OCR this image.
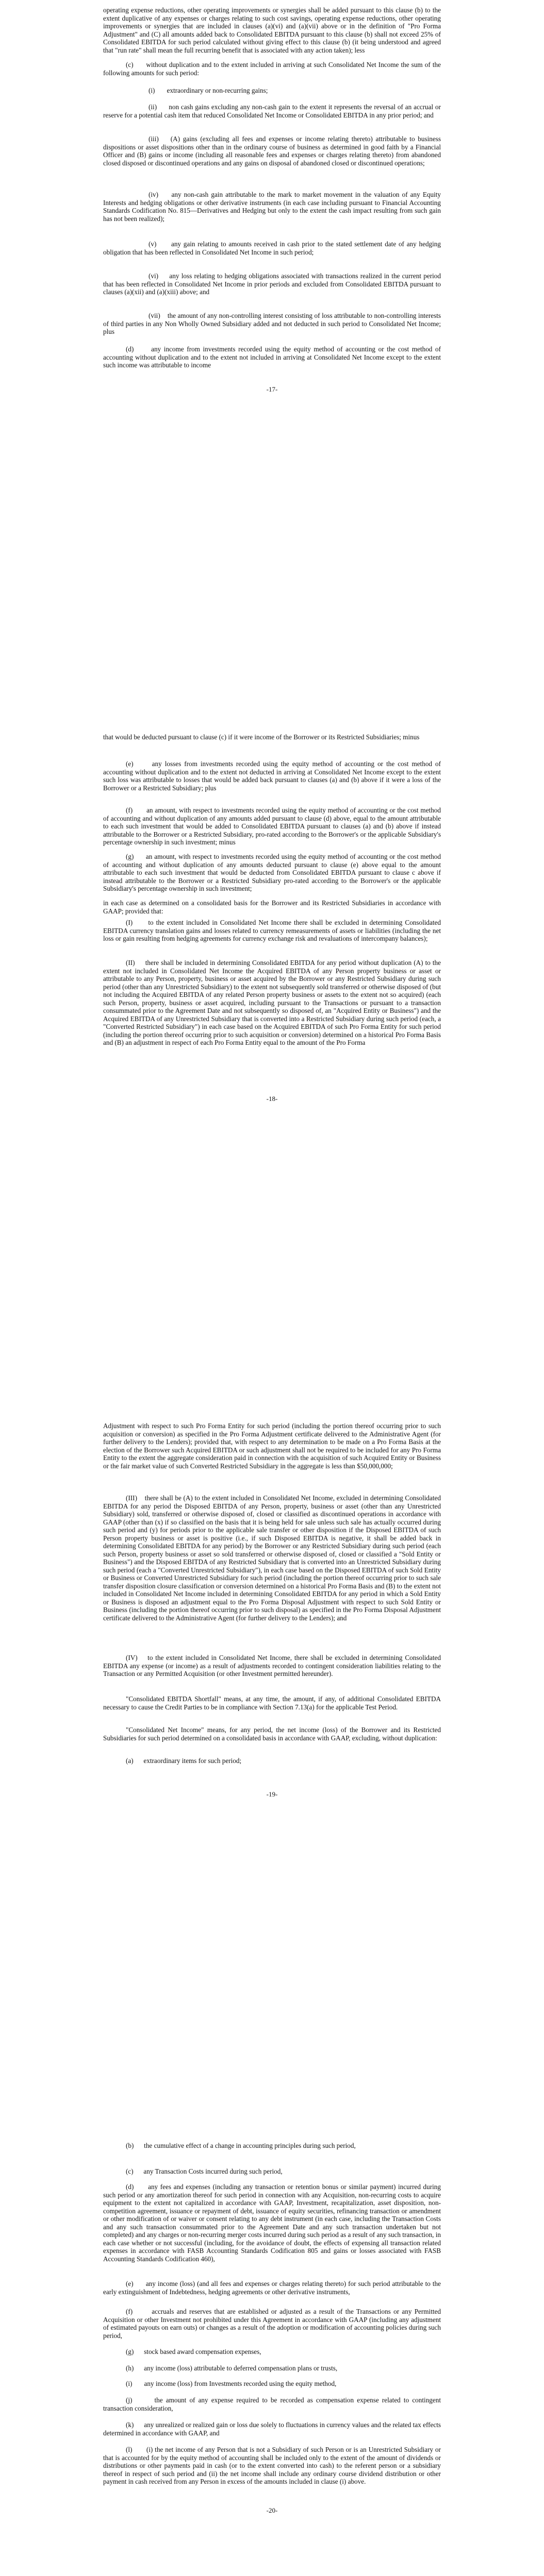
operating expense reductions, other operating improvements or synergies shall be added pursuant to this clause (b) to the extent duplicative of any expenses or charges relating to such cost savings, operating expense reductions, other operating improvements or synergies that are included in clauses (a)(vi) and (a)(vii) above or in the definition of "Pro Forma Adjustment" and (C) all amounts added back to Consolidated EBITDA pursuant to this clause (b) shall not exceed 25% of Consolidated EBITDA for such period calculated without giving effect to this clause (b) (it being understood and agreed that "run rate" shall mean the full recurring benefit that is associated with any action taken); less

(c)      without duplication and to the extent included in arriving at such Consolidated Net Income the sum of the following amounts for such period:

(i)       extraordinary or non-recurring gains;

(ii)      non cash gains excluding any non-cash gain to the extent it represents the reversal of an accrual or reserve for a potential cash item that reduced Consolidated Net Income or Consolidated EBITDA in any prior period; and

(iii)    (A) gains (excluding all fees and expenses or income relating thereto) attributable to business dispositions or asset dispositions other than in the ordinary course of business as determined in good faith by a Financial Officer and (B) gains or income (including all reasonable fees and expenses or charges relating thereto) from abandoned closed disposed or discontinued operations and any gains on disposal of abandoned closed or discontinued operations;

(iv)     any non-cash gain attributable to the mark to market movement in the valuation of any Equity Interests and hedging obligations or other derivative instruments (in each case including pursuant to Financial Accounting Standards Codification No. 815—Derivatives and Hedging but only to the extent the cash impact resulting from such gain has not been realized);

(v)      any gain relating to amounts received in cash prior to the stated settlement date of any hedging obligation that has been reflected in Consolidated Net Income in such period;

(vi)     any loss relating to hedging obligations associated with transactions realized in the current period that has been reflected in Consolidated Net Income in prior periods and excluded from Consolidated EBITDA pursuant to clauses (a)(xii) and (a)(xiii) above; and

(vii)    the amount of any non-controlling interest consisting of loss attributable to non-controlling interests of third parties in any Non Wholly Owned Subsidiary added and not deducted in such period to Consolidated Net Income; plus

(d)      any income from investments recorded using the equity method of accounting or the cost method of accounting without duplication and to the extent not included in arriving at Consolidated Net Income except to the extent such income was attributable to income

-17-

that would be deducted pursuant to clause (c) if it were income of the Borrower or its Restricted Subsidiaries; minus

(e)      any losses from investments recorded using the equity method of accounting or the cost method of accounting without duplication and to the extent not deducted in arriving at Consolidated Net Income except to the extent such loss was attributable to losses that would be added back pursuant to clauses (a) and (b) above if it were a loss of the Borrower or a Restricted Subsidiary; plus

(f)       an amount, with respect to investments recorded using the equity method of accounting or the cost method of accounting and without duplication of any amounts added pursuant to clause (d) above, equal to the amount attributable to each such investment that would be added to Consolidated EBITDA pursuant to clauses (a) and (b) above if instead attributable to the Borrower or a Restricted Subsidiary, pro-rated according to the Borrower's or the applicable Subsidiary's percentage ownership in such investment; minus

(g)      an amount, with respect to investments recorded using the equity method of accounting or the cost method of accounting and without duplication of any amounts deducted pursuant to clause (e) above equal to the amount attributable to each such investment that would be deducted from Consolidated EBITDA pursuant to clause c above if instead attributable to the Borrower or a Restricted Subsidiary pro-rated according to the Borrower's or the applicable Subsidiary's percentage ownership in such investment;

in each case as determined on a consolidated basis for the Borrower and its Restricted Subsidiaries in accordance with GAAP; provided that:

(I)      to the extent included in Consolidated Net Income there shall be excluded in determining Consolidated EBITDA currency translation gains and losses related to currency remeasurements of assets or liabilities (including the net loss or gain resulting from hedging agreements for currency exchange risk and revaluations of intercompany balances);

(II)     there shall be included in determining Consolidated EBITDA for any period without duplication (A) to the extent not included in Consolidated Net Income the Acquired EBITDA of any Person property business or asset or attributable to any Person, property, business or asset acquired by the Borrower or any Restricted Subsidiary during such period (other than any Unrestricted Subsidiary) to the extent not subsequently sold transferred or otherwise disposed of (but not including the Acquired EBITDA of any related Person property business or assets to the extent not so acquired) (each such Person, property, business or asset acquired, including pursuant to the Transactions or pursuant to a transaction consummated prior to the Agreement Date and not subsequently so disposed of, an "Acquired Entity or Business") and the Acquired EBITDA of any Unrestricted Subsidiary that is converted into a Restricted Subsidiary during such period (each, a "Converted Restricted Subsidiary") in each case based on the Acquired EBITDA of such Pro Forma Entity for such period (including the portion thereof occurring prior to such acquisition or conversion) determined on a historical Pro Forma Basis and (B) an adjustment in respect of each Pro Forma Entity equal to the amount of the Pro Forma

-18-

Adjustment with respect to such Pro Forma Entity for such period (including the portion thereof occurring prior to such acquisition or conversion) as specified in the Pro Forma Adjustment certificate delivered to the Administrative Agent (for further delivery to the Lenders); provided that, with respect to any determination to be made on a Pro Forma Basis at the election of the Borrower such Acquired EBITDA or such adjustment shall not be required to be included for any Pro Forma Entity to the extent the aggregate consideration paid in connection with the acquisition of such Acquired Entity or Business or the fair market value of such Converted Restricted Subsidiary in the aggregate is less than $50,000,000;

(III)    there shall be (A) to the extent included in Consolidated Net Income, excluded in determining Consolidated EBITDA for any period the Disposed EBITDA of any Person, property, business or asset (other than any Unrestricted Subsidiary) sold, transferred or otherwise disposed of, closed or classified as discontinued operations in accordance with GAAP (other than (x) if so classified on the basis that it is being held for sale unless such sale has actually occurred during such period and (y) for periods prior to the applicable sale transfer or other disposition if the Disposed EBITDA of such Person property business or asset is positive (i.e., if such Disposed EBITDA is negative, it shall be added back in determining Consolidated EBITDA for any period) by the Borrower or any Restricted Subsidiary during such period (each such Person, property business or asset so sold transferred or otherwise disposed of, closed or classified a "Sold Entity or Business") and the Disposed EBITDA of any Restricted Subsidiary that is converted into an Unrestricted Subsidiary during such period (each a "Converted Unrestricted Subsidiary"), in each case based on the Disposed EBITDA of such Sold Entity or Business or Converted Unrestricted Subsidiary for such period (including the portion thereof occurring prior to such sale transfer disposition closure classification or conversion determined on a historical Pro Forma Basis and (B) to the extent not included in Consolidated Net Income included in determining Consolidated EBITDA for any period in which a Sold Entity or Business is disposed an adjustment equal to the Pro Forma Disposal Adjustment with respect to such Sold Entity or Business (including the portion thereof occurring prior to such disposal) as specified in the Pro Forma Disposal Adjustment certificate delivered to the Administrative Agent (for further delivery to the Lenders); and

(IV)    to the extent included in Consolidated Net Income, there shall be excluded in determining Consolidated EBITDA any expense (or income) as a result of adjustments recorded to contingent consideration liabilities relating to the Transaction or any Permitted Acquisition (or other Investment permitted hereunder).

"Consolidated EBITDA Shortfall" means, at any time, the amount, if any, of additional Consolidated EBITDA necessary to cause the Credit Parties to be in compliance with Section 7.13(a) for the applicable Test Period.

"Consolidated Net Income" means, for any period, the net income (loss) of the Borrower and its Restricted Subsidiaries for such period determined on a consolidated basis in accordance with GAAP, excluding, without duplication:

(a)      extraordinary items for such period;

-19-

(b)      the cumulative effect of a change in accounting principles during such period,

(c)      any Transaction Costs incurred during such period,

(d)      any fees and expenses (including any transaction or retention bonus or similar payment) incurred during such period or any amortization thereof for such period in connection with any Acquisition, non-recurring costs to acquire equipment to the extent not capitalized in accordance with GAAP, Investment, recapitalization, asset disposition, non-competition agreement, issuance or repayment of debt, issuance of equity securities, refinancing transaction or amendment or other modification of or waiver or consent relating to any debt instrument (in each case, including the Transaction Costs and any such transaction consummated prior to the Agreement Date and any such transaction undertaken but not completed) and any charges or non-recurring merger costs incurred during such period as a result of any such transaction, in each case whether or not successful (including, for the avoidance of doubt, the effects of expensing all transaction related expenses in accordance with FASB Accounting Standards Codification 805 and gains or losses associated with FASB Accounting Standards Codification 460),

(e)      any income (loss) (and all fees and expenses or charges relating thereto) for such period attributable to the early extinguishment of Indebtedness, hedging agreements or other derivative instruments,

(f)       accruals and reserves that are established or adjusted as a result of the Transactions or any Permitted Acquisition or other Investment not prohibited under this Agreement in accordance with GAAP (including any adjustment of estimated payouts on earn outs) or changes as a result of the adoption or modification of accounting policies during such period,

(g)      stock based award compensation expenses,

(h)      any income (loss) attributable to deferred compensation plans or trusts,

(i)       any income (loss) from Investments recorded using the equity method,

(j)       the amount of any expense required to be recorded as compensation expense related to contingent transaction consideration,

(k)      any unrealized or realized gain or loss due solely to fluctuations in currency values and the related tax effects determined in accordance with GAAP, and

(l)       (i) the net income of any Person that is not a Subsidiary of such Person or is an Unrestricted Subsidiary or that is accounted for by the equity method of accounting shall be included only to the extent of the amount of dividends or distributions or other payments paid in cash (or to the extent converted into cash) to the referent person or a subsidiary thereof in respect of such period and (ii) the net income shall include any ordinary course dividend distribution or other payment in cash received from any Person in excess of the amounts included in clause (i) above.

-20-
